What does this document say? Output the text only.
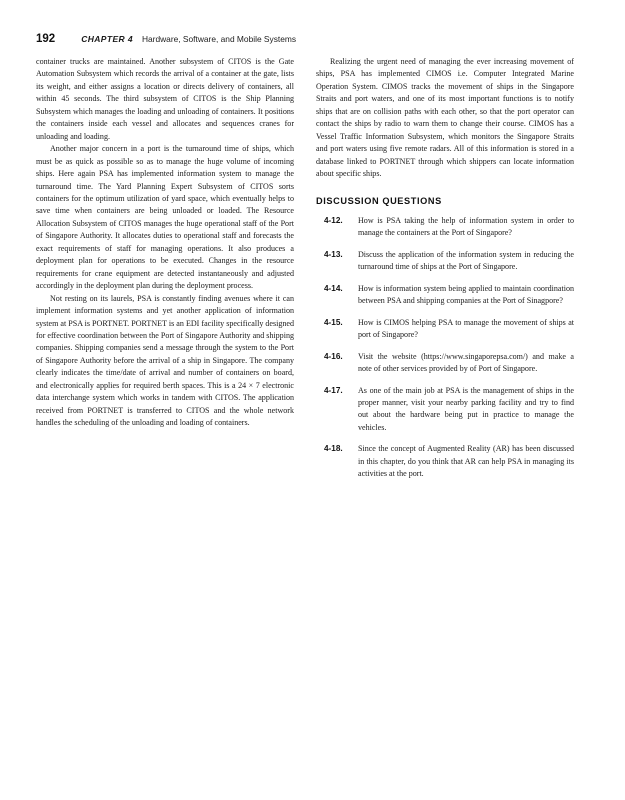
192	CHAPTER 4 Hardware, Software, and Mobile Systems

container trucks are maintained. Another subsystem of CITOS is the Gate Automation Subsystem which records the arrival of a container at the gate, lists its weight, and either assigns a location or directs delivery of containers, all within 45 seconds. The third subsystem of CITOS is the Ship Planning Subsystem which manages the loading and unloading of containers. It positions the containers inside each vessel and allocates and sequences cranes for unloading and loading.

Another major concern in a port is the turnaround time of ships, which must be as quick as possible so as to manage the huge volume of incoming ships. Here again PSA has implemented information system to manage the turnaround time. The Yard Planning Expert Subsystem of CITOS sorts containers for the optimum utilization of yard space, which eventually helps to save time when containers are being unloaded or loaded. The Resource Allocation Subsystem of CITOS manages the huge operational staff of the Port of Singapore Authority. It allocates duties to operational staff and forecasts the exact requirements of staff for managing operations. It also produces a deployment plan for operations to be executed. Changes in the resource requirements for crane equipment are detected instantaneously and adjusted accordingly in the deployment plan during the deployment process.

Not resting on its laurels, PSA is constantly finding avenues where it can implement information systems and yet another application of information system at PSA is PORTNET. PORTNET is an EDI facility specifically designed for effective coordination between the Port of Singapore Authority and shipping companies. Shipping companies send a message through the system to the Port of Singapore Authority before the arrival of a ship in Singapore. The company clearly indicates the time/date of arrival and number of containers on board, and electronically applies for required berth spaces. This is a 24 × 7 electronic data interchange system which works in tandem with CITOS. The application received from PORTNET is transferred to CITOS and the whole network handles the scheduling of the unloading and loading of containers.

Realizing the urgent need of managing the ever increasing movement of ships, PSA has implemented CIMOS i.e. Computer Integrated Marine Operation System. CIMOS tracks the movement of ships in the Singapore Straits and port waters, and one of its most important functions is to notify ships that are on collision paths with each other, so that the port operator can contact the ships by radio to warn them to change their course. CIMOS has a Vessel Traffic Information Subsystem, which monitors the Singapore Straits and port waters using five remote radars. All of this information is stored in a database linked to PORTNET through which shippers can locate information about specific ships.

DISCUSSION QUESTIONS
4-12.	How is PSA taking the help of information system in order to manage the containers at the Port of Singapore?
4-13.	Discuss the application of the information system in reducing the turnaround time of ships at the Port of Singapore.
4-14.	How is information system being applied to maintain coordination between PSA and shipping companies at the Port of Sinagpore?
4-15.	How is CIMOS helping PSA to manage the movement of ships at port of Singapore?
4-16.	Visit the website (https://www.singaporepsa.com/) and make a note of other services provided by of Port of Singapore.
4-17.	As one of the main job at PSA is the management of ships in the proper manner, visit your nearby parking facility and try to find out about the hardware being put in practice to manage the vehicles.
4-18.	Since the concept of Augmented Reality (AR) has been discussed in this chapter, do you think that AR can help PSA in managing its activities at the port.
